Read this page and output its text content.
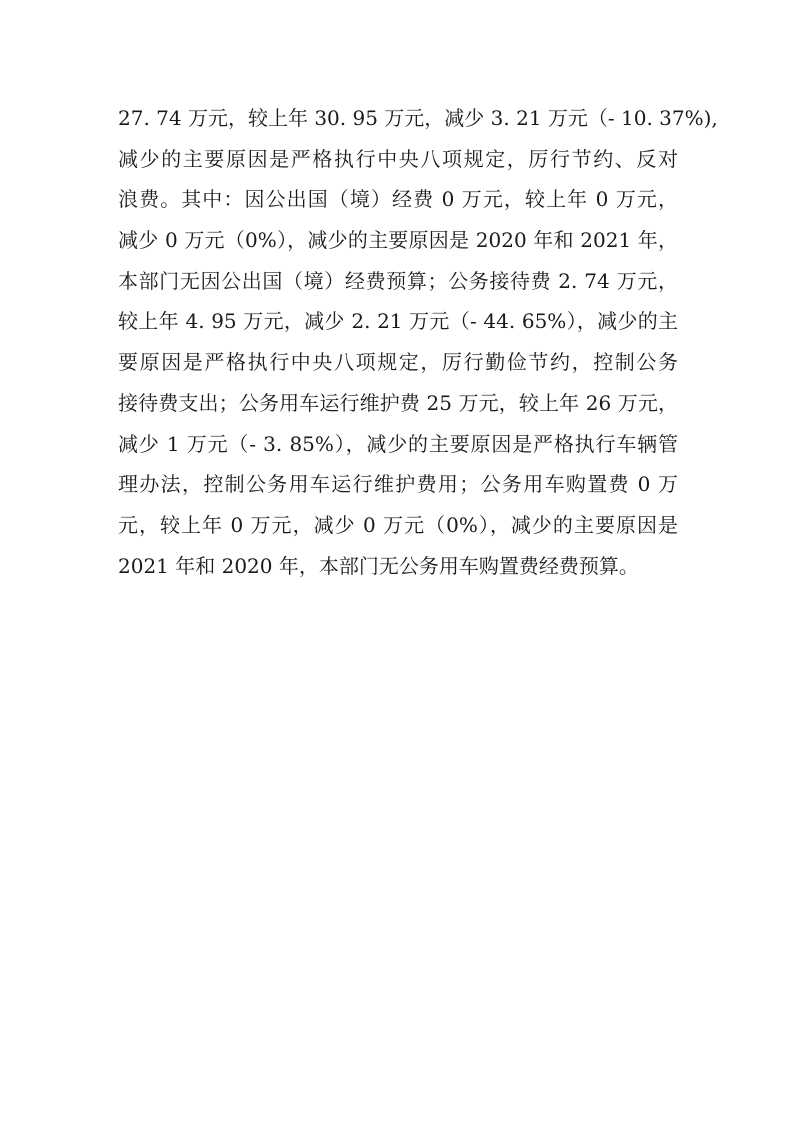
27. 74 万元，较上年 30. 95 万元，减少 3. 21 万元（- 10. 37%),
减少的主要原因是严格执行中央八项规定，厉行节约、反对
浪费。其中：因公出国（境）经费 0 万元，较上年 0 万元，
减少 0 万元（0%），减少的主要原因是 2020 年和 2021 年，
本部门无因公出国（境）经费预算；公务接待费 2. 74 万元，
较上年 4. 95 万元，减少 2. 21 万元（- 44. 65%），减少的主
要原因是严格执行中央八项规定，厉行勤俭节约，控制公务
接待费支出；公务用车运行维护费 25 万元，较上年 26 万元，
减少 1 万元（- 3. 85%），减少的主要原因是严格执行车辆管
理办法，控制公务用车运行维护费用；公务用车购置费 0 万
元，较上年 0 万元，减少 0 万元（0%），减少的主要原因是
2021 年和 2020 年，本部门无公务用车购置费经费预算。
